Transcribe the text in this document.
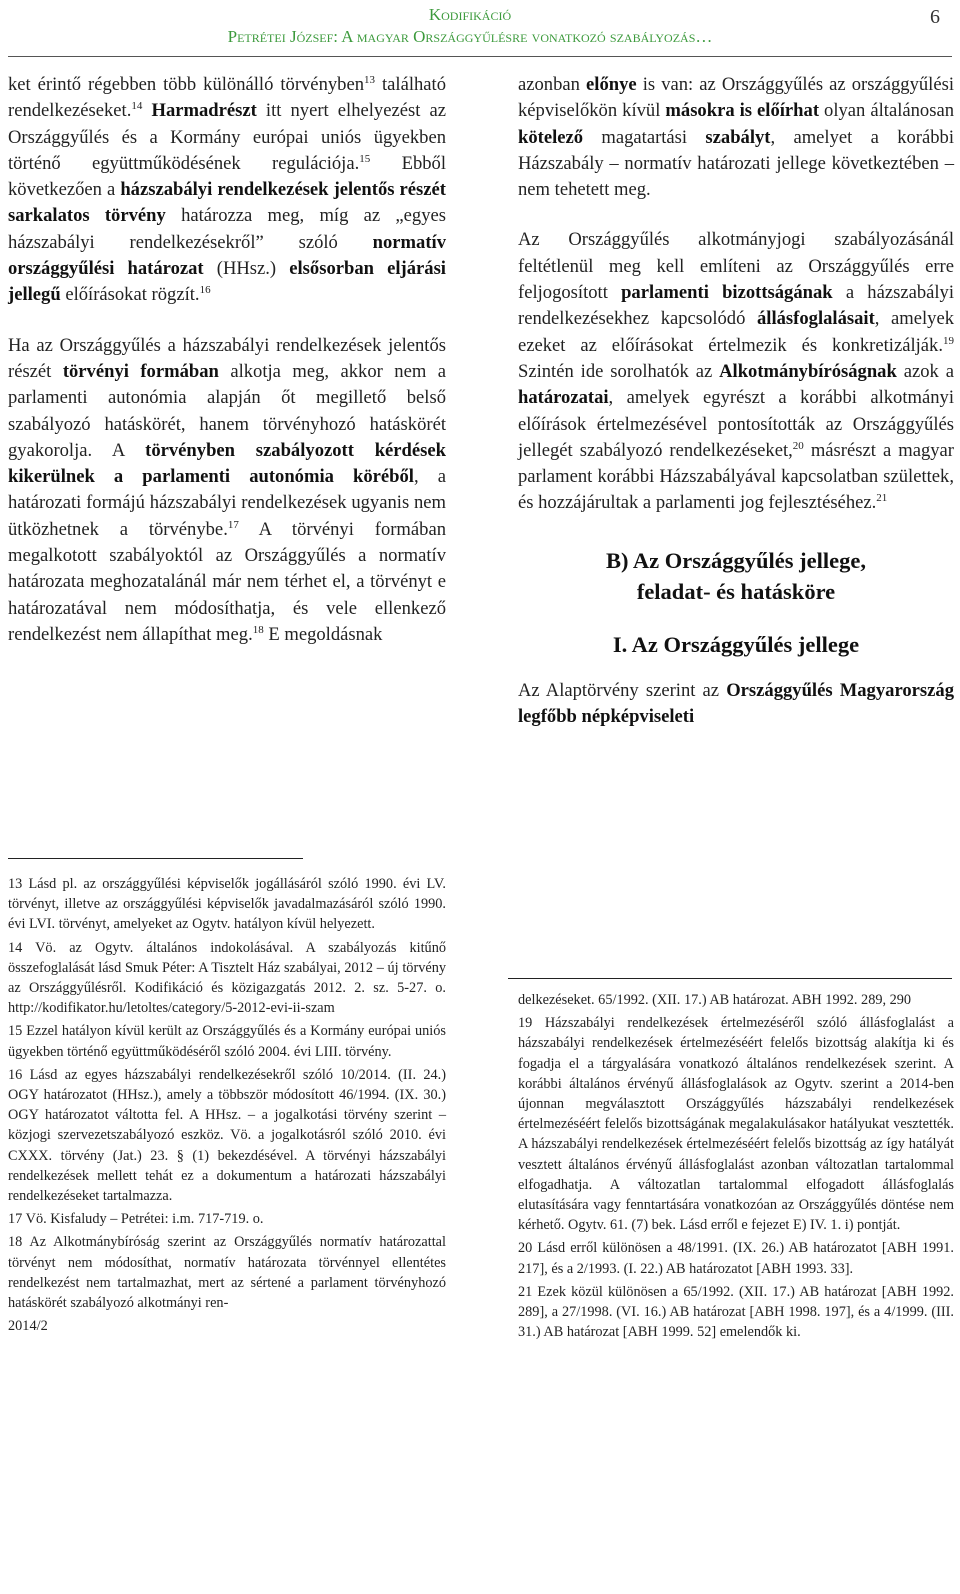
Kodifikáció
Petrétei József: A magyar Országgyűlésre vonatkozó szabályozás…
6

ket érintő régebben több különálló törvényben$^{13}$ található rendelkezéseket.$^{14}$ Harmadrészt itt nyert elhelyezést az Országgyűlés és a Kormány európai uniós ügyekben történő együttműködésének regulációja.$^{15}$ Ebből következően a házszabályi rendelkezések jelentős részét sarkalatos törvény határozza meg, míg az „egyes házszabályi rendelkezésekről” szóló normatív országgyűlési határozat (HHsz.) elsősorban eljárási jellegű előírásokat rögzít.$^{16}$

Ha az Országgyűlés a házszabályi rendelkezések jelentős részét törvényi formában alkotja meg, akkor nem a parlamenti autonómia alapján őt megillető belső szabályozó hatáskörét, hanem törvényhozó hatáskörét gyakorolja. A törvényben szabályozott kérdések kikerülnek a parlamenti autonómia köréből, a határozati formájú házszabályi rendelkezések ugyanis nem ütközhetnek a törvénybe.$^{17}$ A törvényi formában megalkotott szabályoktól az Országgyűlés a normatív határozata meghozatalánál már nem térhet el, a törvényt e határozatával nem módosíthatja, és vele ellenkező rendelkezést nem állapíthat meg.$^{18}$ E megoldásnak

azonban előnye is van: az Országgyűlés az országgyűlési képviselőkön kívül másokra is előírhat olyan általánosan kötelező magatartási szabályt, amelyet a korábbi Házszabály – normatív határozati jellege következtében – nem tehetett meg.

Az Országgyűlés alkotmányjogi szabályozásánál feltétlenül meg kell említeni az Országgyűlés erre feljogosított parlamenti bizottságának a házszabályi rendelkezésekhez kapcsolódó állásfoglalásait, amelyek ezeket az előírásokat értelmezik és konkretizálják.$^{19}$ Szintén ide sorolhatók az Alkotmánybíróságnak azok a határozatai, amelyek egyrészt a korábbi alkotmányi előírások értelmezésével pontosították az Országgyűlés jellegét szabályozó rendelkezéseket,$^{20}$ másrészt a magyar parlament korábbi Házszabályával kapcsolatban születtek, és hozzájárultak a parlamenti jog fejlesztéséhez.$^{21}$

B) Az Országgyűlés jellege,
feladat- és hatásköre
I. Az Országgyűlés jellege

Az Alaptörvény szerint az Országgyűlés Magyarország legfőbb népképviseleti

13 Lásd pl. az országgyűlési képviselők jogállásáról szóló 1990. évi LV. törvényt, illetve az országgyűlési képviselők javadalmazásáról szóló 1990. évi LVI. törvényt, amelyeket az Ogytv. hatályon kívül helyezett.

14 Vö. az Ogytv. általános indokolásával. A szabályozás kitűnő összefoglalását lásd Smuk Péter: A Tisztelt Ház szabályai, 2012 – új törvény az Országgyűlésről. Kodifikáció és közigazgatás 2012. 2. sz. 5-27. o. http://kodifikator.hu/letoltes/category/5-2012-evi-ii-szam

15 Ezzel hatályon kívül került az Országgyűlés és a Kormány európai uniós ügyekben történő együttműködéséről szóló 2004. évi LIII. törvény.

16 Lásd az egyes házszabályi rendelkezésekről szóló 10/2014. (II. 24.) OGY határozatot (HHsz.), amely a többször módosított 46/1994. (IX. 30.) OGY határozatot váltotta fel. A HHsz. – a jogalkotási törvény szerint – közjogi szervezetszabályozó eszköz. Vö. a jogalkotásról szóló 2010. évi CXXX. törvény (Jat.) 23. § (1) bekezdésével. A törvényi házszabályi rendelkezések mellett tehát ez a dokumentum a határozati házszabályi rendelkezéseket tartalmazza.

17 Vö. Kisfaludy – Petrétei: i.m. 717-719. o.

18 Az Alkotmánybíróság szerint az Országgyűlés normatív határozattal törvényt nem módosíthat, normatív határozata törvénnyel ellentétes rendelkezést nem tartalmazhat, mert az sértené a parlament törvényhozó hatáskörét szabályozó alkotmányi ren-

2014/2

delkezéseket. 65/1992. (XII. 17.) AB határozat. ABH 1992. 289, 290

19 Házszabályi rendelkezések értelmezéséről szóló állásfoglalást a házszabályi rendelkezések értelmezéséért felelős bizottság alakítja ki és fogadja el a tárgyalására vonatkozó általános rendelkezések szerint. A korábbi általános érvényű állásfoglalások az Ogytv. szerint a 2014-ben újonnan megválasztott Országgyűlés házszabályi rendelkezések értelmezéséért felelős bizottságának megalakulásakor hatályukat vesztették. A házszabályi rendelkezések értelmezéséért felelős bizottság az így hatályát vesztett általános érvényű állásfoglalást azonban változatlan tartalommal elfogadhatja. A változatlan tartalommal elfogadott állásfoglalás elutasítására vagy fenntartására vonatkozóan az Országgyűlés döntése nem kérhető. Ogytv. 61. (7) bek. Lásd erről e fejezet E) IV. 1. i) pontját.

20 Lásd erről különösen a 48/1991. (IX. 26.) AB határozatot [ABH 1991. 217], és a 2/1993. (I. 22.) AB határozatot [ABH 1993. 33].

21 Ezek közül különösen a 65/1992. (XII. 17.) AB határozat [ABH 1992. 289], a 27/1998. (VI. 16.) AB határozat [ABH 1998. 197], és a 4/1999. (III. 31.) AB határozat [ABH 1999. 52] emelendők ki.
